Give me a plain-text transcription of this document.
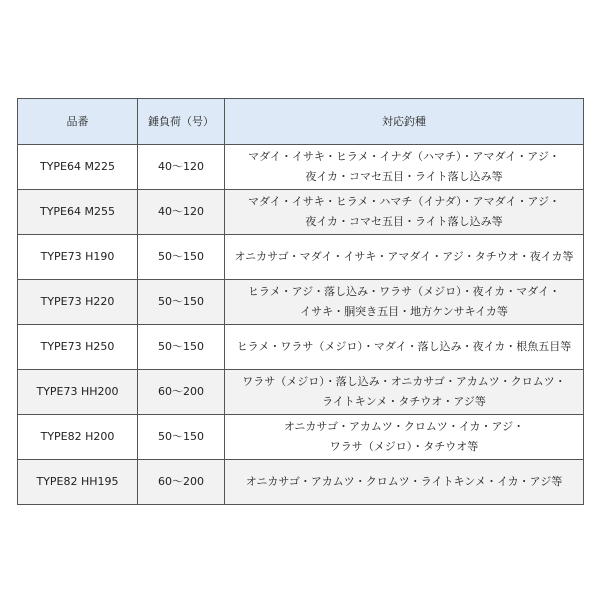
品番	錘負荷（号）	対応釣種
TYPE64 M225	40～120	マダイ・イサキ・ヒラメ・イナダ（ハマチ）・アマダイ・アジ・
夜イカ・コマセ五目・ライト落し込み等

TYPE64 M255	40～120	マダイ・イサキ・ヒラメ・ハマチ（イナダ）・アマダイ・アジ・
夜イカ・コマセ五目・ライト落し込み等

TYPE73 H190	50～150	オニカサゴ・マダイ・イサキ・アマダイ・アジ・タチウオ・夜イカ等

TYPE73 H220	50～150	ヒラメ・アジ・落し込み・ワラサ（メジロ）・夜イカ・マダイ・
イサキ・胴突き五目・地方ケンサキイカ等

TYPE73 H250	50～150	ヒラメ・ワラサ（メジロ）・マダイ・落し込み・夜イカ・根魚五目等

TYPE73 HH200	60～200	ワラサ（メジロ）・落し込み・オニカサゴ・アカムツ・クロムツ・
ライトキンメ・タチウオ・アジ等

TYPE82 H200	50～150	オニカサゴ・アカムツ・クロムツ・イカ・アジ・
ワラサ（メジロ）・タチウオ等

TYPE82 HH195	60～200	オニカサゴ・アカムツ・クロムツ・ライトキンメ・イカ・アジ等
